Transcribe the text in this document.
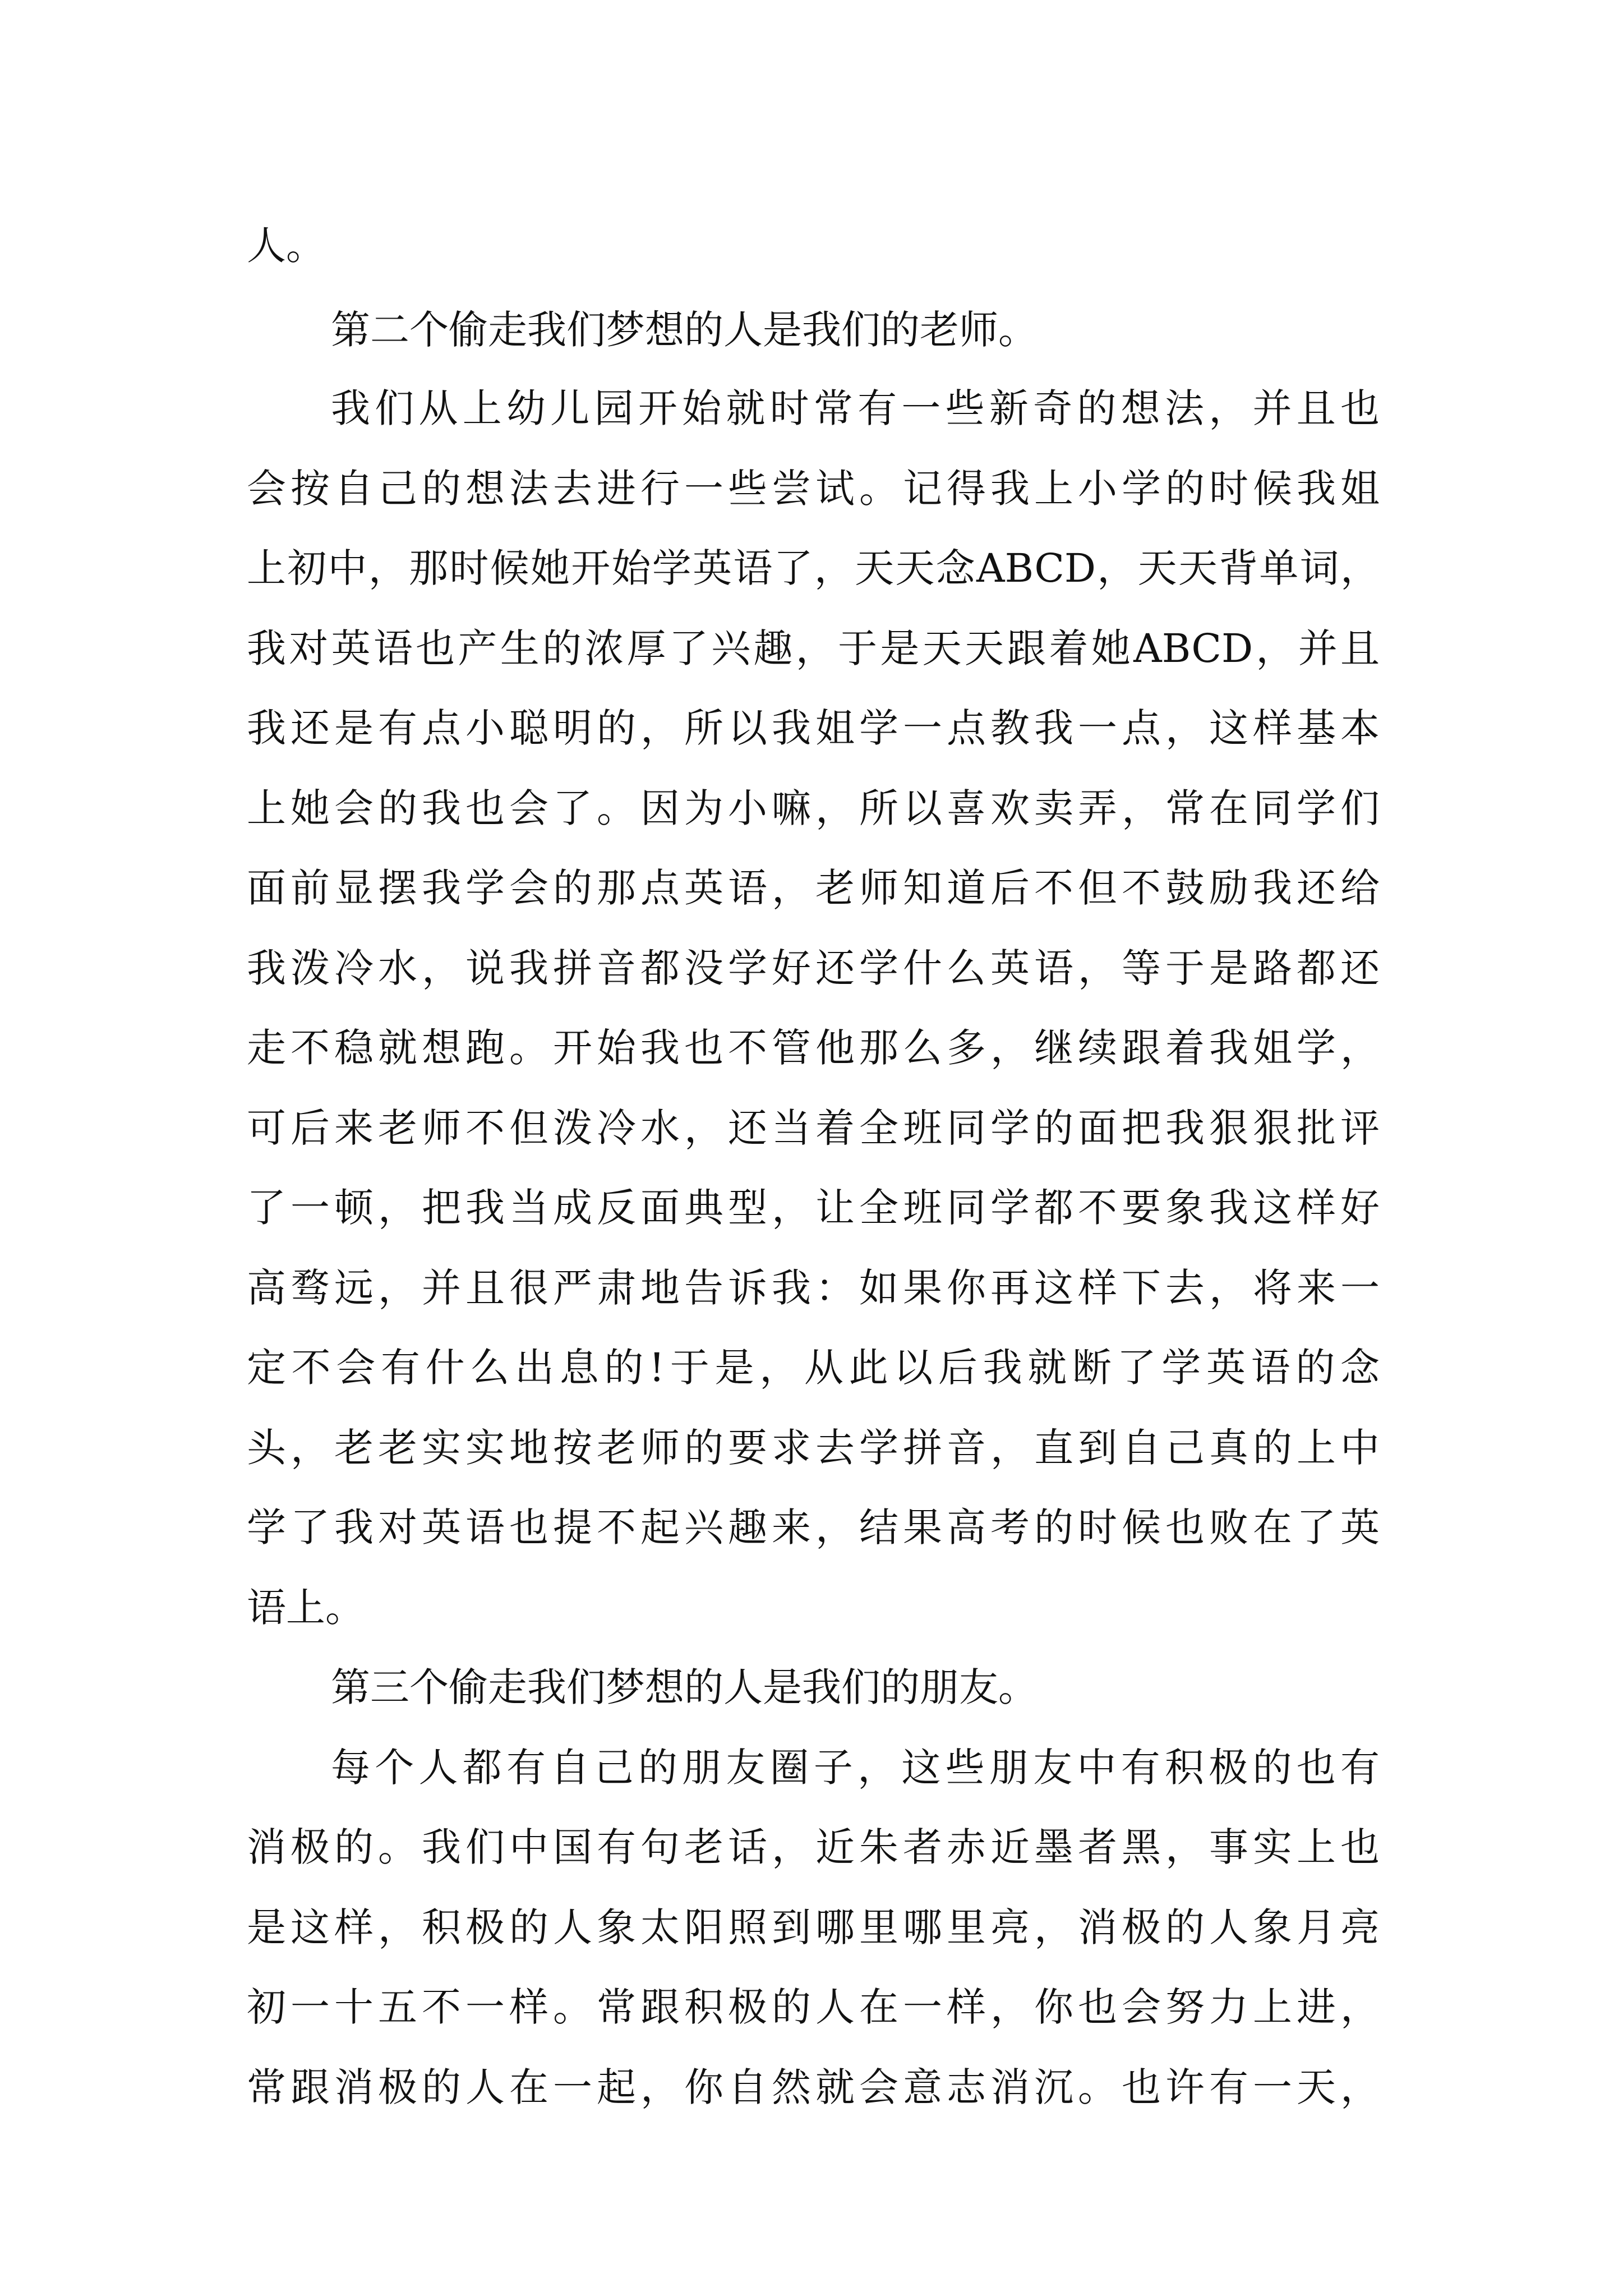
人。

第二个偷走我们梦想的人是我们的老师。

我们从上幼儿园开始就时常有一些新奇的想法，并且也

会按自己的想法去进行一些尝试。记得我上小学的时候我姐

上初中，那时候她开始学英语了，天天念ABCD，天天背单词，

我对英语也产生的浓厚了兴趣，于是天天跟着她ABCD，并且

我还是有点小聪明的，所以我姐学一点教我一点，这样基本

上她会的我也会了。因为小嘛，所以喜欢卖弄，常在同学们

面前显摆我学会的那点英语，老师知道后不但不鼓励我还给

我泼冷水，说我拼音都没学好还学什么英语，等于是路都还

走不稳就想跑。开始我也不管他那么多，继续跟着我姐学，

可后来老师不但泼冷水，还当着全班同学的面把我狠狠批评

了一顿，把我当成反面典型，让全班同学都不要象我这样好

高骛远，并且很严肃地告诉我：如果你再这样下去，将来一

定不会有什么出息的!于是，从此以后我就断了学英语的念

头，老老实实地按老师的要求去学拼音，直到自己真的上中

学了我对英语也提不起兴趣来，结果高考的时候也败在了英

语上。

第三个偷走我们梦想的人是我们的朋友。

每个人都有自己的朋友圈子，这些朋友中有积极的也有

消极的。我们中国有句老话，近朱者赤近墨者黑，事实上也

是这样，积极的人象太阳照到哪里哪里亮，消极的人象月亮

初一十五不一样。常跟积极的人在一样，你也会努力上进，

常跟消极的人在一起，你自然就会意志消沉。也许有一天，
